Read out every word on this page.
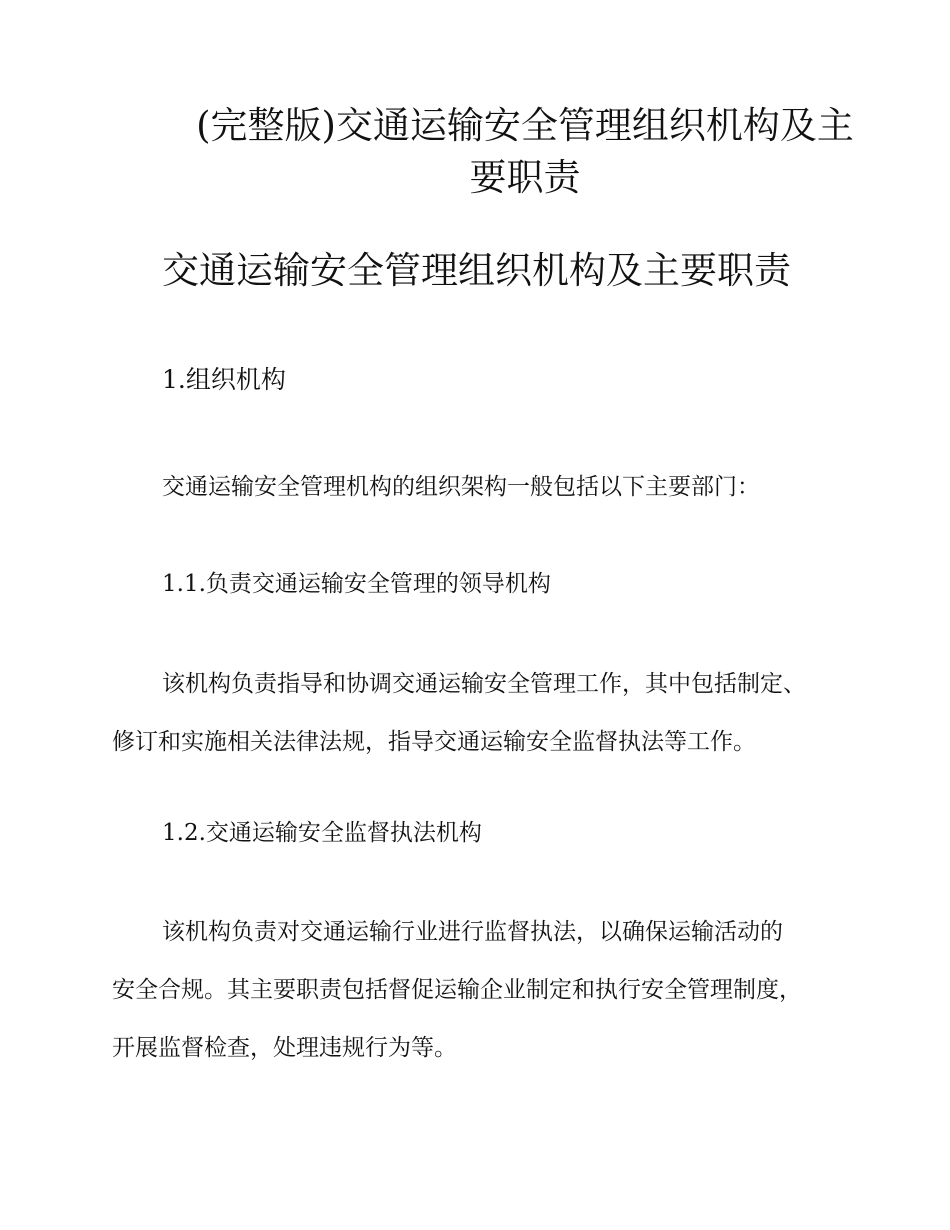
(完整版)交通运输安全管理组织机构及主
要职责
交通运输安全管理组织机构及主要职责
1.组织机构

交通运输安全管理机构的组织架构一般包括以下主要部门：

1.1.负责交通运输安全管理的领导机构

该机构负责指导和协调交通运输安全管理工作，其中包括制定、
修订和实施相关法律法规，指导交通运输安全监督执法等工作。

1.2.交通运输安全监督执法机构

该机构负责对交通运输行业进行监督执法，以确保运输活动的
安全合规。其主要职责包括督促运输企业制定和执行安全管理制度，
开展监督检查，处理违规行为等。
